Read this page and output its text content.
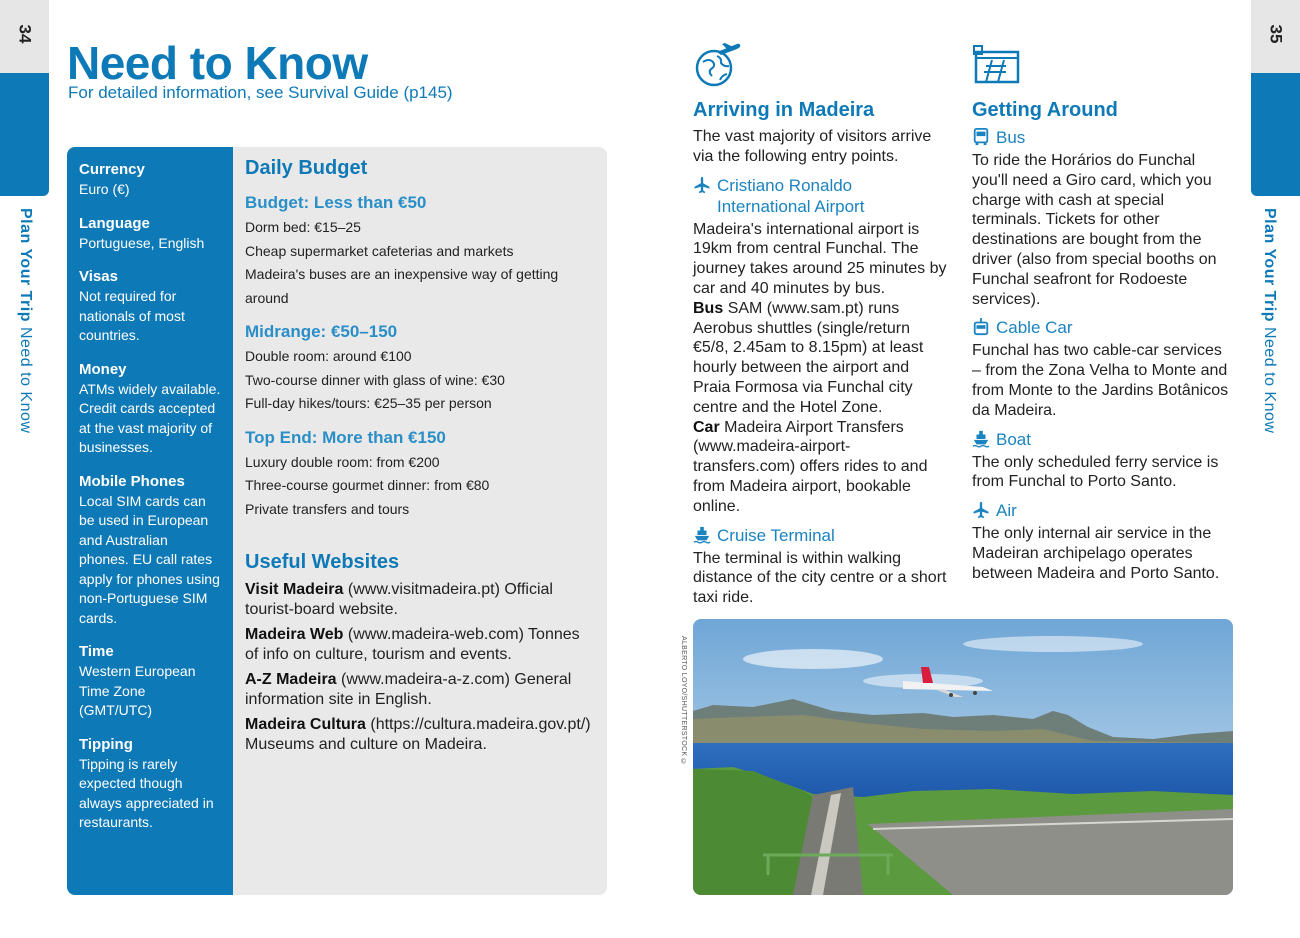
34
Plan Your Trip Need to Know
35
Plan Your Trip Need to Know
Need to Know
For detailed information, see Survival Guide (p145)
Currency
Euro (€)
Language
Portuguese, English
Visas
Not required for nationals of most countries.
Money
ATMs widely available. Credit cards accepted at the vast majority of businesses.
Mobile Phones
Local SIM cards can be used in European and Australian phones. EU call rates apply for phones using non-Portuguese SIM cards.
Time
Western European Time Zone (GMT/UTC)
Tipping
Tipping is rarely expected though always appreciated in restaurants.
Daily Budget
Budget: Less than €50
Dorm bed: €15–25
Cheap supermarket cafeterias and markets
Madeira's buses are an inexpensive way of getting around
Midrange: €50–150
Double room: around €100
Two-course dinner with glass of wine: €30
Full-day hikes/tours: €25–35 per person
Top End: More than €150
Luxury double room: from €200
Three-course gourmet dinner: from €80
Private transfers and tours
Useful Websites
Visit Madeira (www.visitmadeira.pt) Official tourist-board website.
Madeira Web (www.madeira-web.com) Tonnes of info on culture, tourism and events.
A-Z Madeira (www.madeira-a-z.com) General information site in English.
Madeira Cultura (https://cultura.madeira.gov.pt/) Museums and culture on Madeira.
Arriving in Madeira
The vast majority of visitors arrive via the following entry points.
Cristiano Ronaldo International Airport
Madeira's international airport is 19km from central Funchal. The journey takes around 25 minutes by car and 40 minutes by bus.
Bus SAM (www.sam.pt) runs Aerobus shuttles (single/return €5/8, 2.45am to 8.15pm) at least hourly between the airport and Praia Formosa via Funchal city centre and the Hotel Zone.
Car Madeira Airport Transfers (www.madeira-airport-transfers.com) offers rides to and from Madeira airport, bookable online.
Cruise Terminal
The terminal is within walking distance of the city centre or a short taxi ride.
Getting Around
Bus
To ride the Horários do Funchal you'll need a Giro card, which you charge with cash at special terminals. Tickets for other destinations are bought from the driver (also from special booths on Funchal seafront for Rodoeste services).
Cable Car
Funchal has two cable-car services – from the Zona Velha to Monte and from Monte to the Jardins Botânicos da Madeira.
Boat
The only scheduled ferry service is from Funchal to Porto Santo.
Air
The only internal air service in the Madeiran archipelago operates between Madeira and Porto Santo.
ALBERTO LOYO/SHUTTERSTOCK ©
